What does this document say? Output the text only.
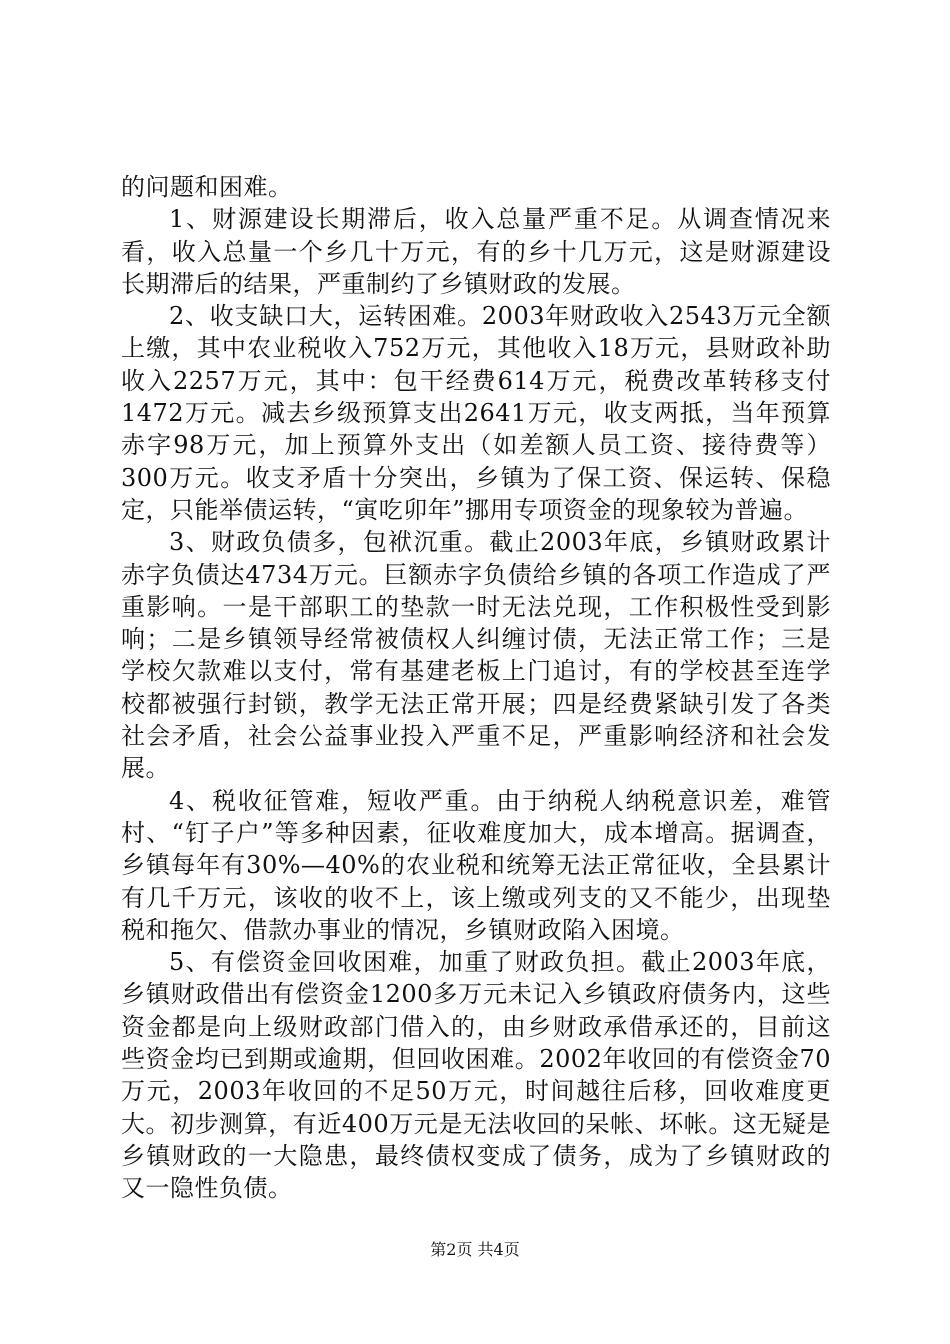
的问题和困难。

1、财源建设长期滞后，收入总量严重不足。从调查情况来看，收入总量一个乡几十万元，有的乡十几万元，这是财源建设长期滞后的结果，严重制约了乡镇财政的发展。

2、收支缺口大，运转困难。2003年财政收入2543万元全额上缴，其中农业税收入752万元，其他收入18万元，县财政补助收入2257万元，其中：包干经费614万元，税费改革转移支付1472万元。减去乡级预算支出2641万元，收支两抵，当年预算赤字98万元，加上预算外支出（如差额人员工资、接待费等）300万元。收支矛盾十分突出，乡镇为了保工资、保运转、保稳定，只能举债运转，“寅吃卯年”挪用专项资金的现象较为普遍。

3、财政负债多，包袱沉重。截止2003年底，乡镇财政累计赤字负债达4734万元。巨额赤字负债给乡镇的各项工作造成了严重影响。一是干部职工的垫款一时无法兑现，工作积极性受到影响；二是乡镇领导经常被债权人纠缠讨债，无法正常工作；三是学校欠款难以支付，常有基建老板上门追讨，有的学校甚至连学校都被强行封锁，教学无法正常开展；四是经费紧缺引发了各类社会矛盾，社会公益事业投入严重不足，严重影响经济和社会发展。

4、税收征管难，短收严重。由于纳税人纳税意识差，难管村、“钉子户”等多种因素，征收难度加大，成本增高。据调查，乡镇每年有30%—40%的农业税和统筹无法正常征收，全县累计有几千万元，该收的收不上，该上缴或列支的又不能少，出现垫税和拖欠、借款办事业的情况，乡镇财政陷入困境。

5、有偿资金回收困难，加重了财政负担。截止2003年底，乡镇财政借出有偿资金1200多万元未记入乡镇政府债务内，这些资金都是向上级财政部门借入的，由乡财政承借承还的，目前这些资金均已到期或逾期，但回收困难。2002年收回的有偿资金70万元，2003年收回的不足50万元，时间越往后移，回收难度更大。初步测算，有近400万元是无法收回的呆帐、坏帐。这无疑是乡镇财政的一大隐患，最终债权变成了债务，成为了乡镇财政的又一隐性负债。

第2页 共4页
